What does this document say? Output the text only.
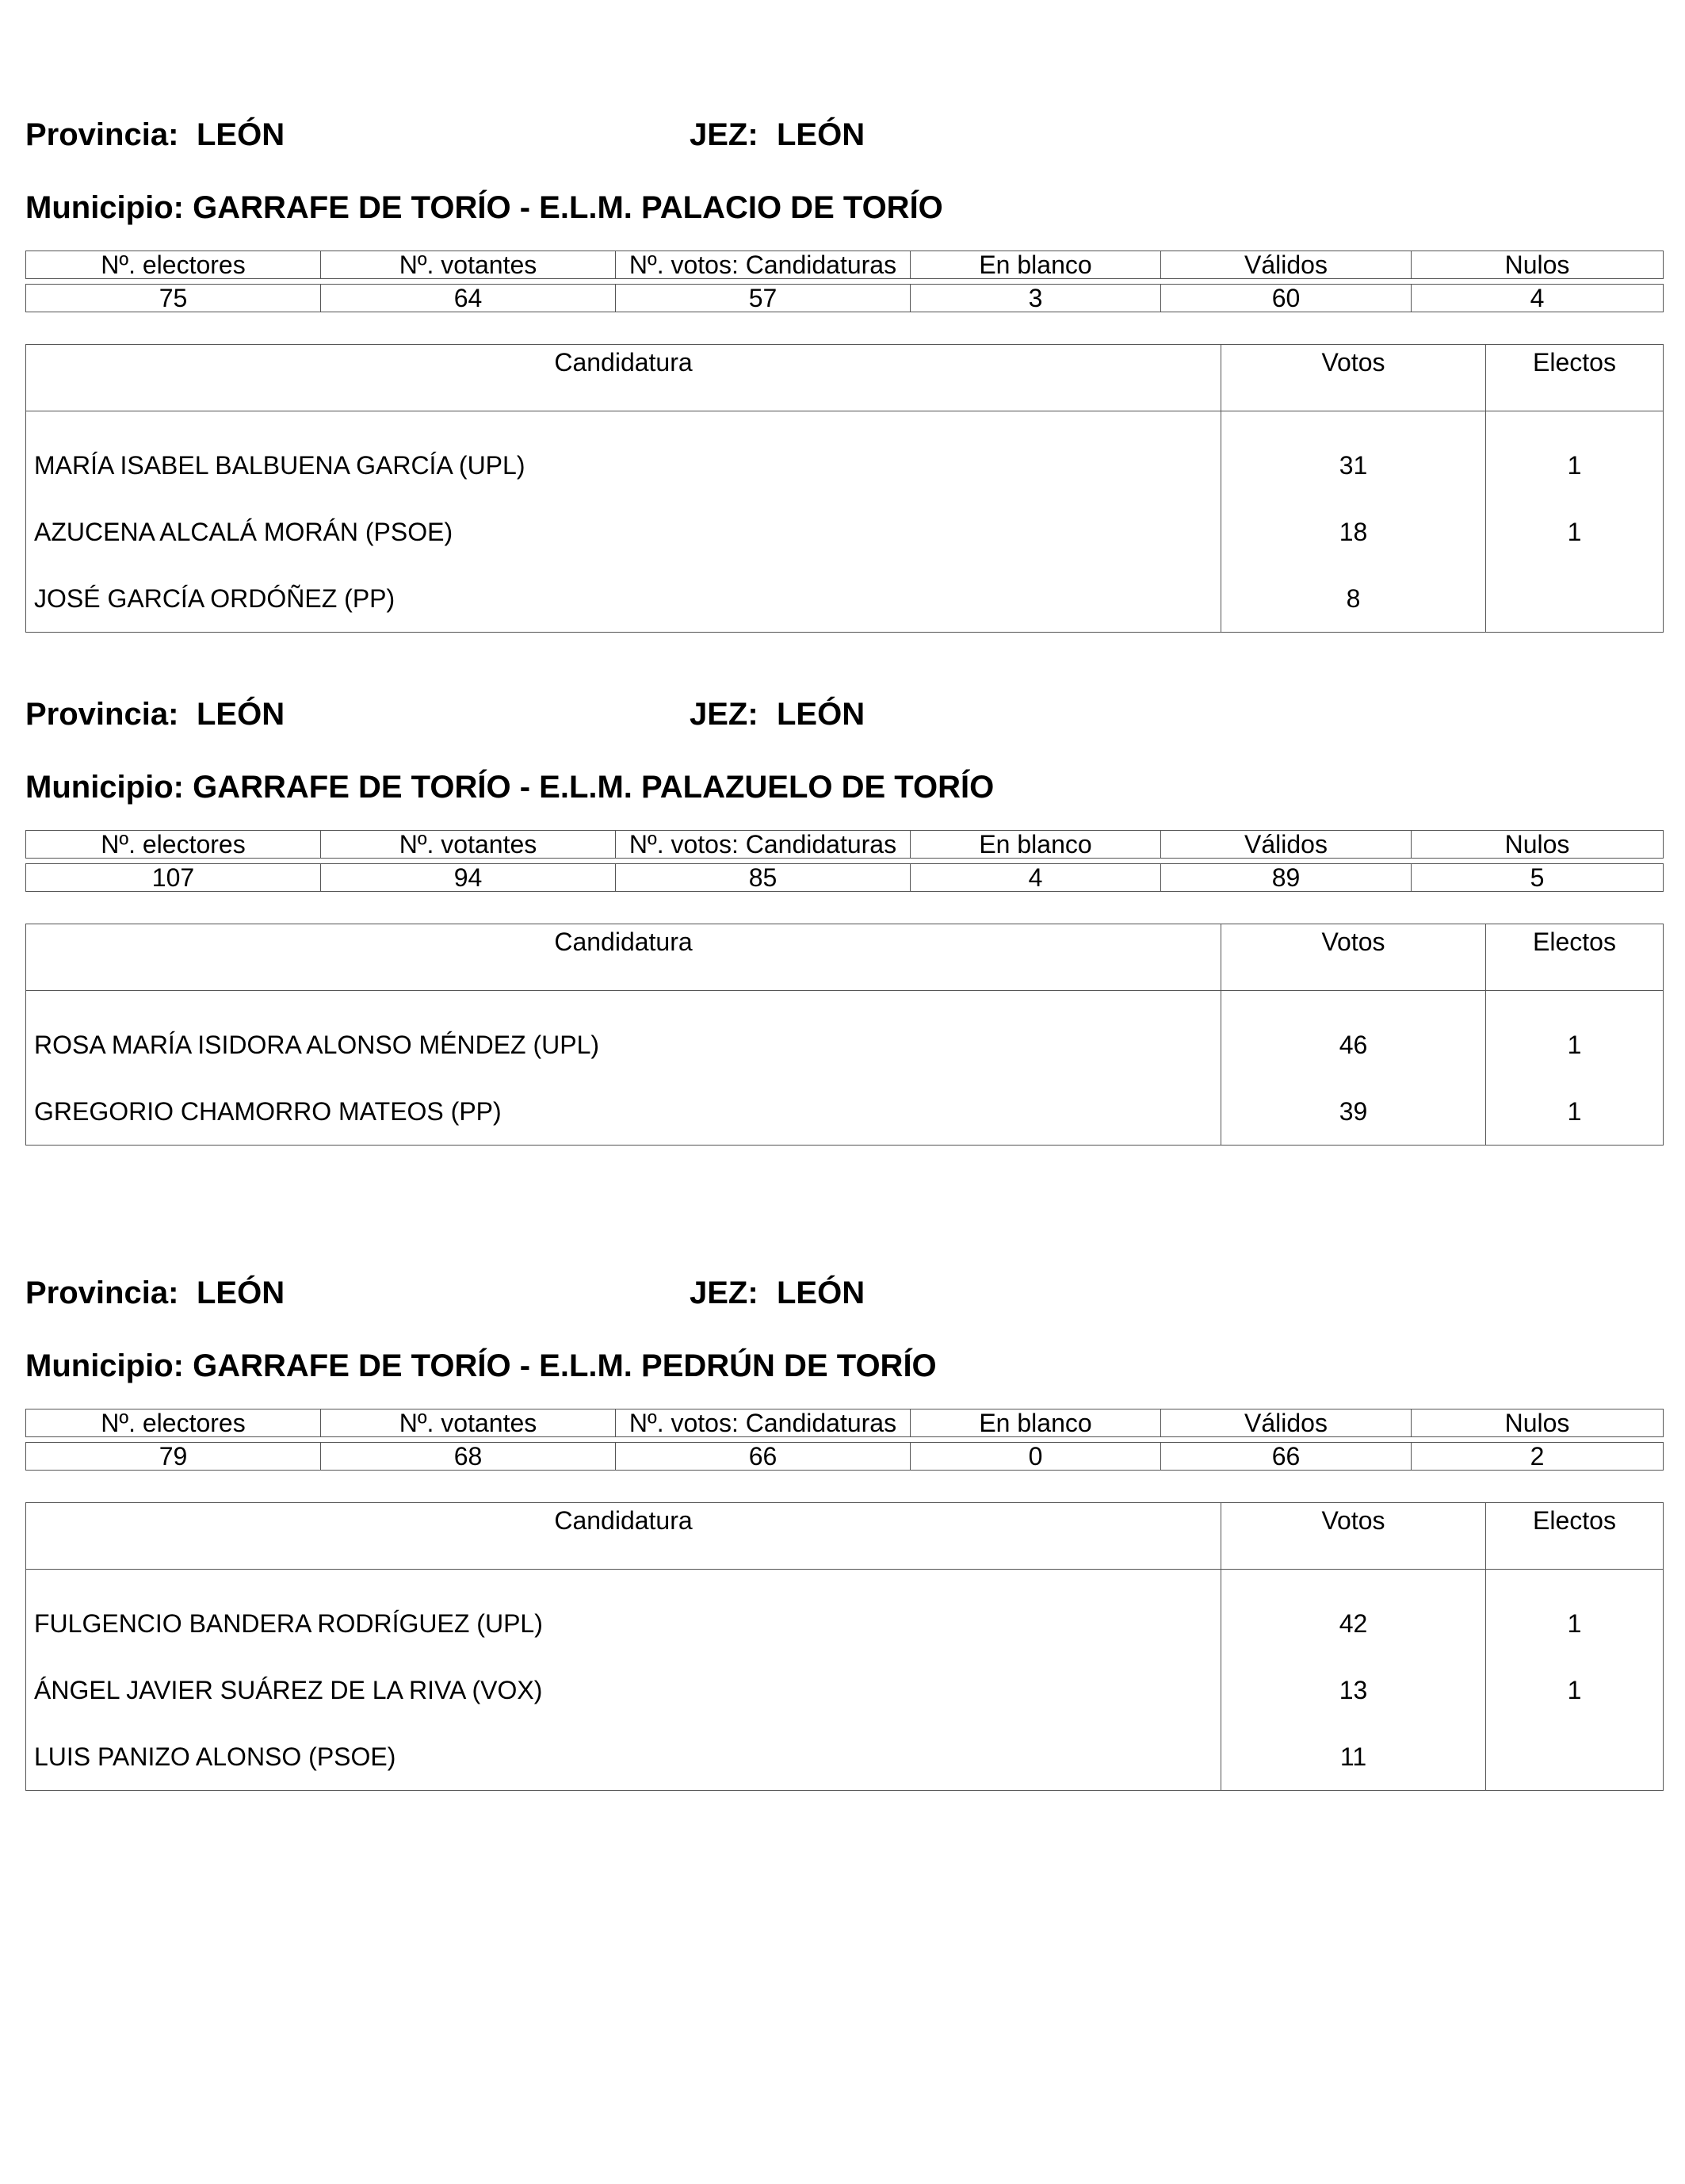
Provincia: LEÓN	JEZ: LEÓN
Municipio: GARRAFE DE TORÍO - E.L.M. PALACIO DE TORÍO
Nº. electores	Nº. votantes	Nº. votos: Candidaturas	En blanco	Válidos	Nulos

75	64	57	3	60	4
Candidatura	Votos	Electos
MARÍA ISABEL BALBUENA GARCÍA (UPL)	31	1
AZUCENA ALCALÁ MORÁN (PSOE)	18	1
JOSÉ GARCÍA ORDÓÑEZ (PP)	8	
Provincia: LEÓN	JEZ: LEÓN
Municipio: GARRAFE DE TORÍO - E.L.M. PALAZUELO DE TORÍO
Nº. electores	Nº. votantes	Nº. votos: Candidaturas	En blanco	Válidos	Nulos

107	94	85	4	89	5
Candidatura	Votos	Electos
ROSA MARÍA ISIDORA ALONSO MÉNDEZ (UPL)	46	1
GREGORIO CHAMORRO MATEOS (PP)	39	1
Provincia: LEÓN	JEZ: LEÓN
Municipio: GARRAFE DE TORÍO - E.L.M. PEDRÚN DE TORÍO
Nº. electores	Nº. votantes	Nº. votos: Candidaturas	En blanco	Válidos	Nulos

79	68	66	0	66	2
Candidatura	Votos	Electos
FULGENCIO BANDERA RODRÍGUEZ (UPL)	42	1
ÁNGEL JAVIER SUÁREZ DE LA RIVA (VOX)	13	1
LUIS PANIZO ALONSO (PSOE)	11	
